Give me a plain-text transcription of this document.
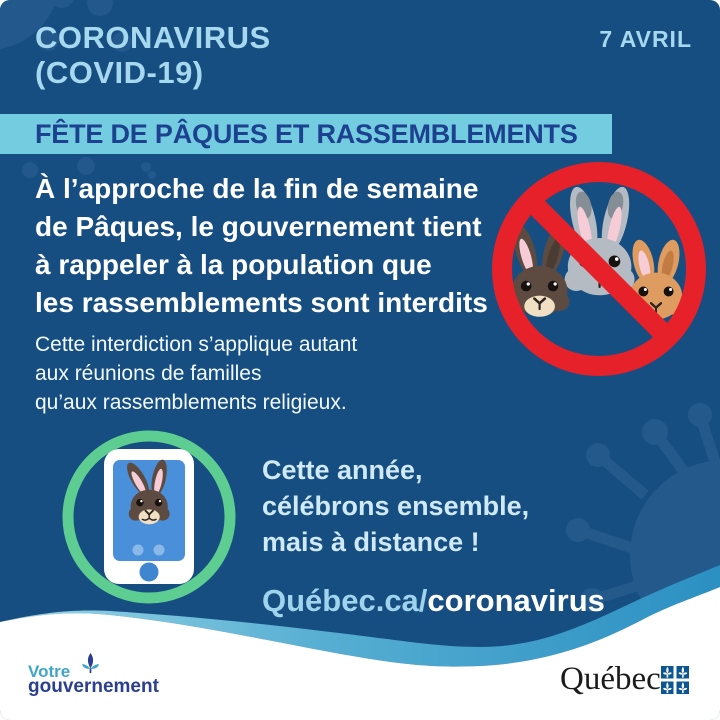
CORONAVIRUS
(COVID-19)
7 AVRIL
FÊTE DE PÂQUES ET RASSEMBLEMENTS
À l’approche de la fin de semaine
de Pâques, le gouvernement tient
à rappeler à la population que
les rassemblements sont interdits
Cette interdiction s’applique autant
aux réunions de familles
qu’aux rassemblements religieux.
Cette année,
célébrons ensemble,
mais à distance !
Québec.ca/coronavirus
Votre
gouvernement	Québec
